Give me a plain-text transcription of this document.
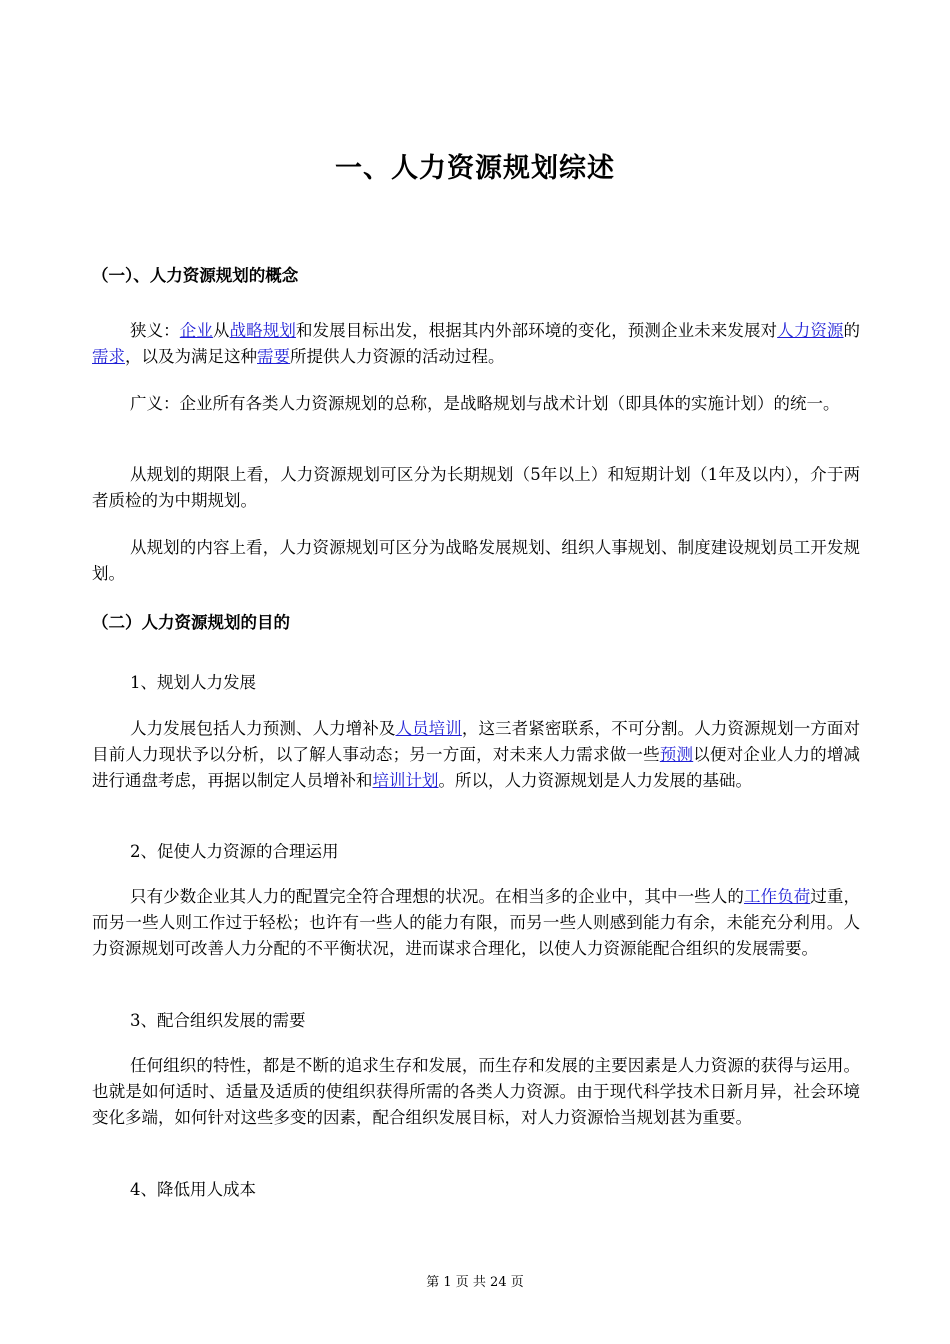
一、人力资源规划综述
（一）、人力资源规划的概念

狭义：企业从战略规划和发展目标出发，根据其内外部环境的变化，预测企业未来发展对人力资源的需求，以及为满足这种需要所提供人力资源的活动过程。

广义：企业所有各类人力资源规划的总称，是战略规划与战术计划（即具体的实施计划）的统一。

从规划的期限上看，人力资源规划可区分为长期规划（5年以上）和短期计划（1年及以内），介于两者质检的为中期规划。

从规划的内容上看，人力资源规划可区分为战略发展规划、组织人事规划、制度建设规划员工开发规划。

（二）人力资源规划的目的
1、规划人力发展

人力发展包括人力预测、人力增补及人员培训，这三者紧密联系，不可分割。人力资源规划一方面对目前人力现状予以分析，以了解人事动态；另一方面，对未来人力需求做一些预测以便对企业人力的增减进行通盘考虑，再据以制定人员增补和培训计划。所以，人力资源规划是人力发展的基础。

2、促使人力资源的合理运用

只有少数企业其人力的配置完全符合理想的状况。在相当多的企业中，其中一些人的工作负荷过重，而另一些人则工作过于轻松；也许有一些人的能力有限，而另一些人则感到能力有余，未能充分利用。人力资源规划可改善人力分配的不平衡状况，进而谋求合理化，以使人力资源能配合组织的发展需要。

3、配合组织发展的需要

任何组织的特性，都是不断的追求生存和发展，而生存和发展的主要因素是人力资源的获得与运用。也就是如何适时、适量及适质的使组织获得所需的各类人力资源。由于现代科学技术日新月异，社会环境变化多端，如何针对这些多变的因素，配合组织发展目标，对人力资源恰当规划甚为重要。

4、降低用人成本
第 1 页 共 24 页
